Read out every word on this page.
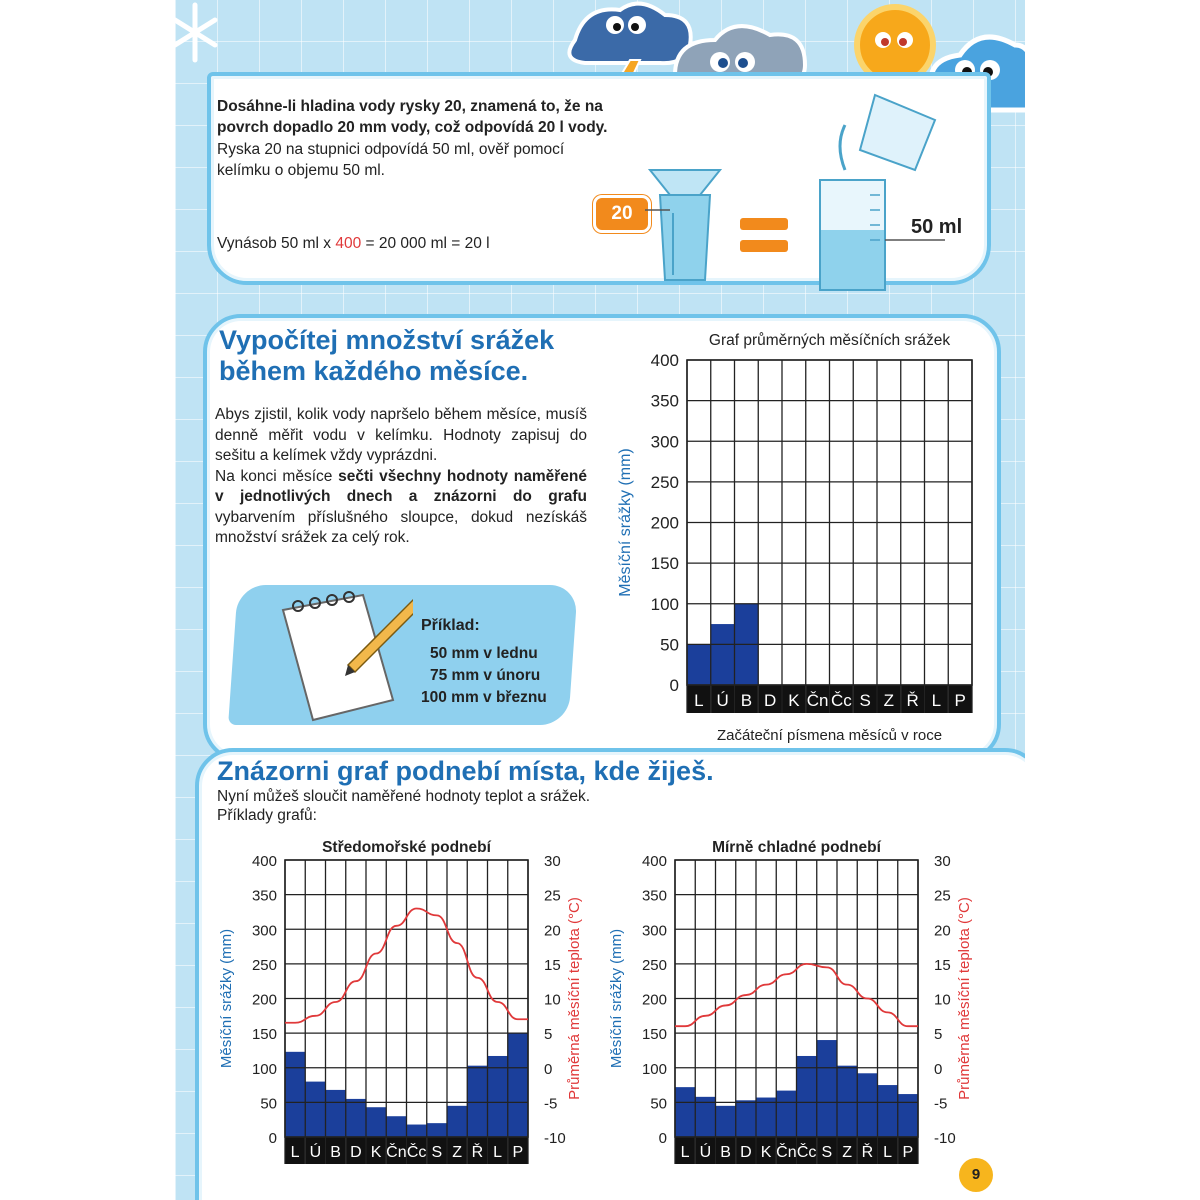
Dosáhne-li hladina vody rysky 20, znamená to, že na povrch dopadlo 20 mm vody, což odpovídá 20 l vody.
Ryska 20 na stupnici odpovídá 50 ml, ověř pomocí
kelímku o objemu 50 ml.
Vynásob 50 ml x 400 = 20 000 ml = 20 l
20
50 ml
Vypočítej množství srážek
během každého měsíce.
Abys zjistil, kolik vody napršelo během měsíce, musíš denně měřit vodu v kelímku. Hodnoty zapisuj do sešitu a kelímek vždy vyprázdni.
Na konci měsíce sečti všechny hodnoty naměřené v jednotlivých dnech a znázorni do grafu vybarvením příslušného sloupce, dokud nezískáš množství srážek za celý rok.
Příklad:
50 mm v lednu
75 mm v únoru
100 mm v březnu
Graf průměrných měsíčních srážek
0
50
100
150
200
250
300
350
400
L Ú B D K Čn Čc S Z Ř L P
Měsíční srážky (mm)
Začáteční písmena měsíců v roce
Znázorni graf podnebí místa, kde žiješ.
Nyní můžeš sloučit naměřené hodnoty teplot a srážek.
Příklady grafů:
Středomořské podnebí
0
50
100
150
200
250
300
350
400
L Ú B D K Čn Čc S Z Ř L P
Měsíční srážky (mm)
-10
-5
0
5
10
15
20
25
30
Průměrná měsíční teplota (°C)
Mírně chladné podnebí
0
50
100
150
200
250
300
350
400
L Ú B D K Čn Čc S Z Ř L P
Měsíční srážky (mm)
-10
-5
0
5
10
15
20
25
30
Průměrná měsíční teplota (°C)
9
